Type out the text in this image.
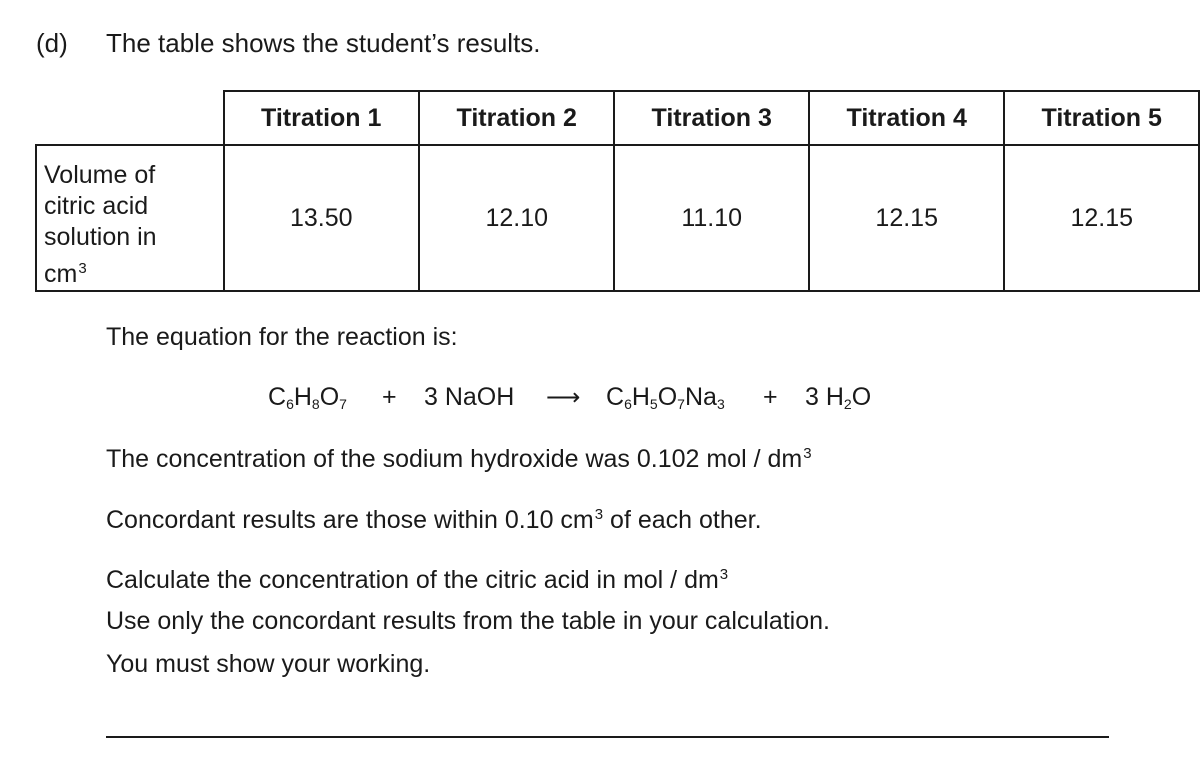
(d) The table shows the student’s results.
	Titration 1	Titration 2	Titration 3	Titration 4	Titration 5

Volume of
citric acid
solution in
$cm^3$	13.50	12.10	11.10	12.15	12.15
The equation for the reaction is:
$C_6H_8O_7 + 3$ NaOH ⟶ $C_6H_5O_7Na_3 + 3$ $H_2O$
The concentration of the sodium hydroxide was 0.102 mol / $dm^3$
Concordant results are those within 0.10 $cm^3$ of each other.
Calculate the concentration of the citric acid in mol / $dm^3$
Use only the concordant results from the table in your calculation.
You must show your working.
